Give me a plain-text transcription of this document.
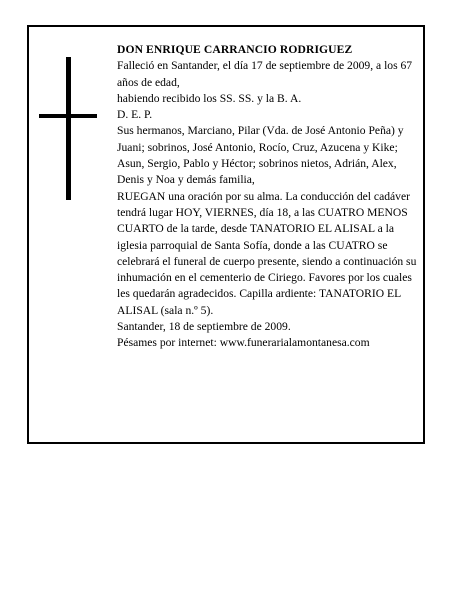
DON ENRIQUE CARRANCIO RODRIGUEZ

Falleció en Santander, el día 17 de septiembre de 2009, a los 67 años de edad,

habiendo recibido los SS. SS. y la B. A.

D. E. P.

Sus hermanos, Marciano, Pilar (Vda. de José Antonio Peña) y Juani; sobrinos, José Antonio, Rocío, Cruz, Azucena y Kike; Asun, Sergio, Pablo y Héctor; sobrinos nietos, Adrián, Alex, Denis y Noa y demás familia,

RUEGAN una oración por su alma. La conducción del cadáver tendrá lugar HOY, VIERNES, día 18, a las CUATRO MENOS CUARTO de la tarde, desde TANATORIO EL ALISAL a la iglesia parroquial de Santa Sofía, donde a las CUATRO se celebrará el funeral de cuerpo presente, siendo a continuación su inhumación en el cementerio de Ciriego. Favores por los cuales les quedarán agradecidos. Capilla ardiente: TANATORIO EL ALISAL (sala n.º 5).

Santander, 18 de septiembre de 2009.

Pésames por internet: www.funerarialamontanesa.com
